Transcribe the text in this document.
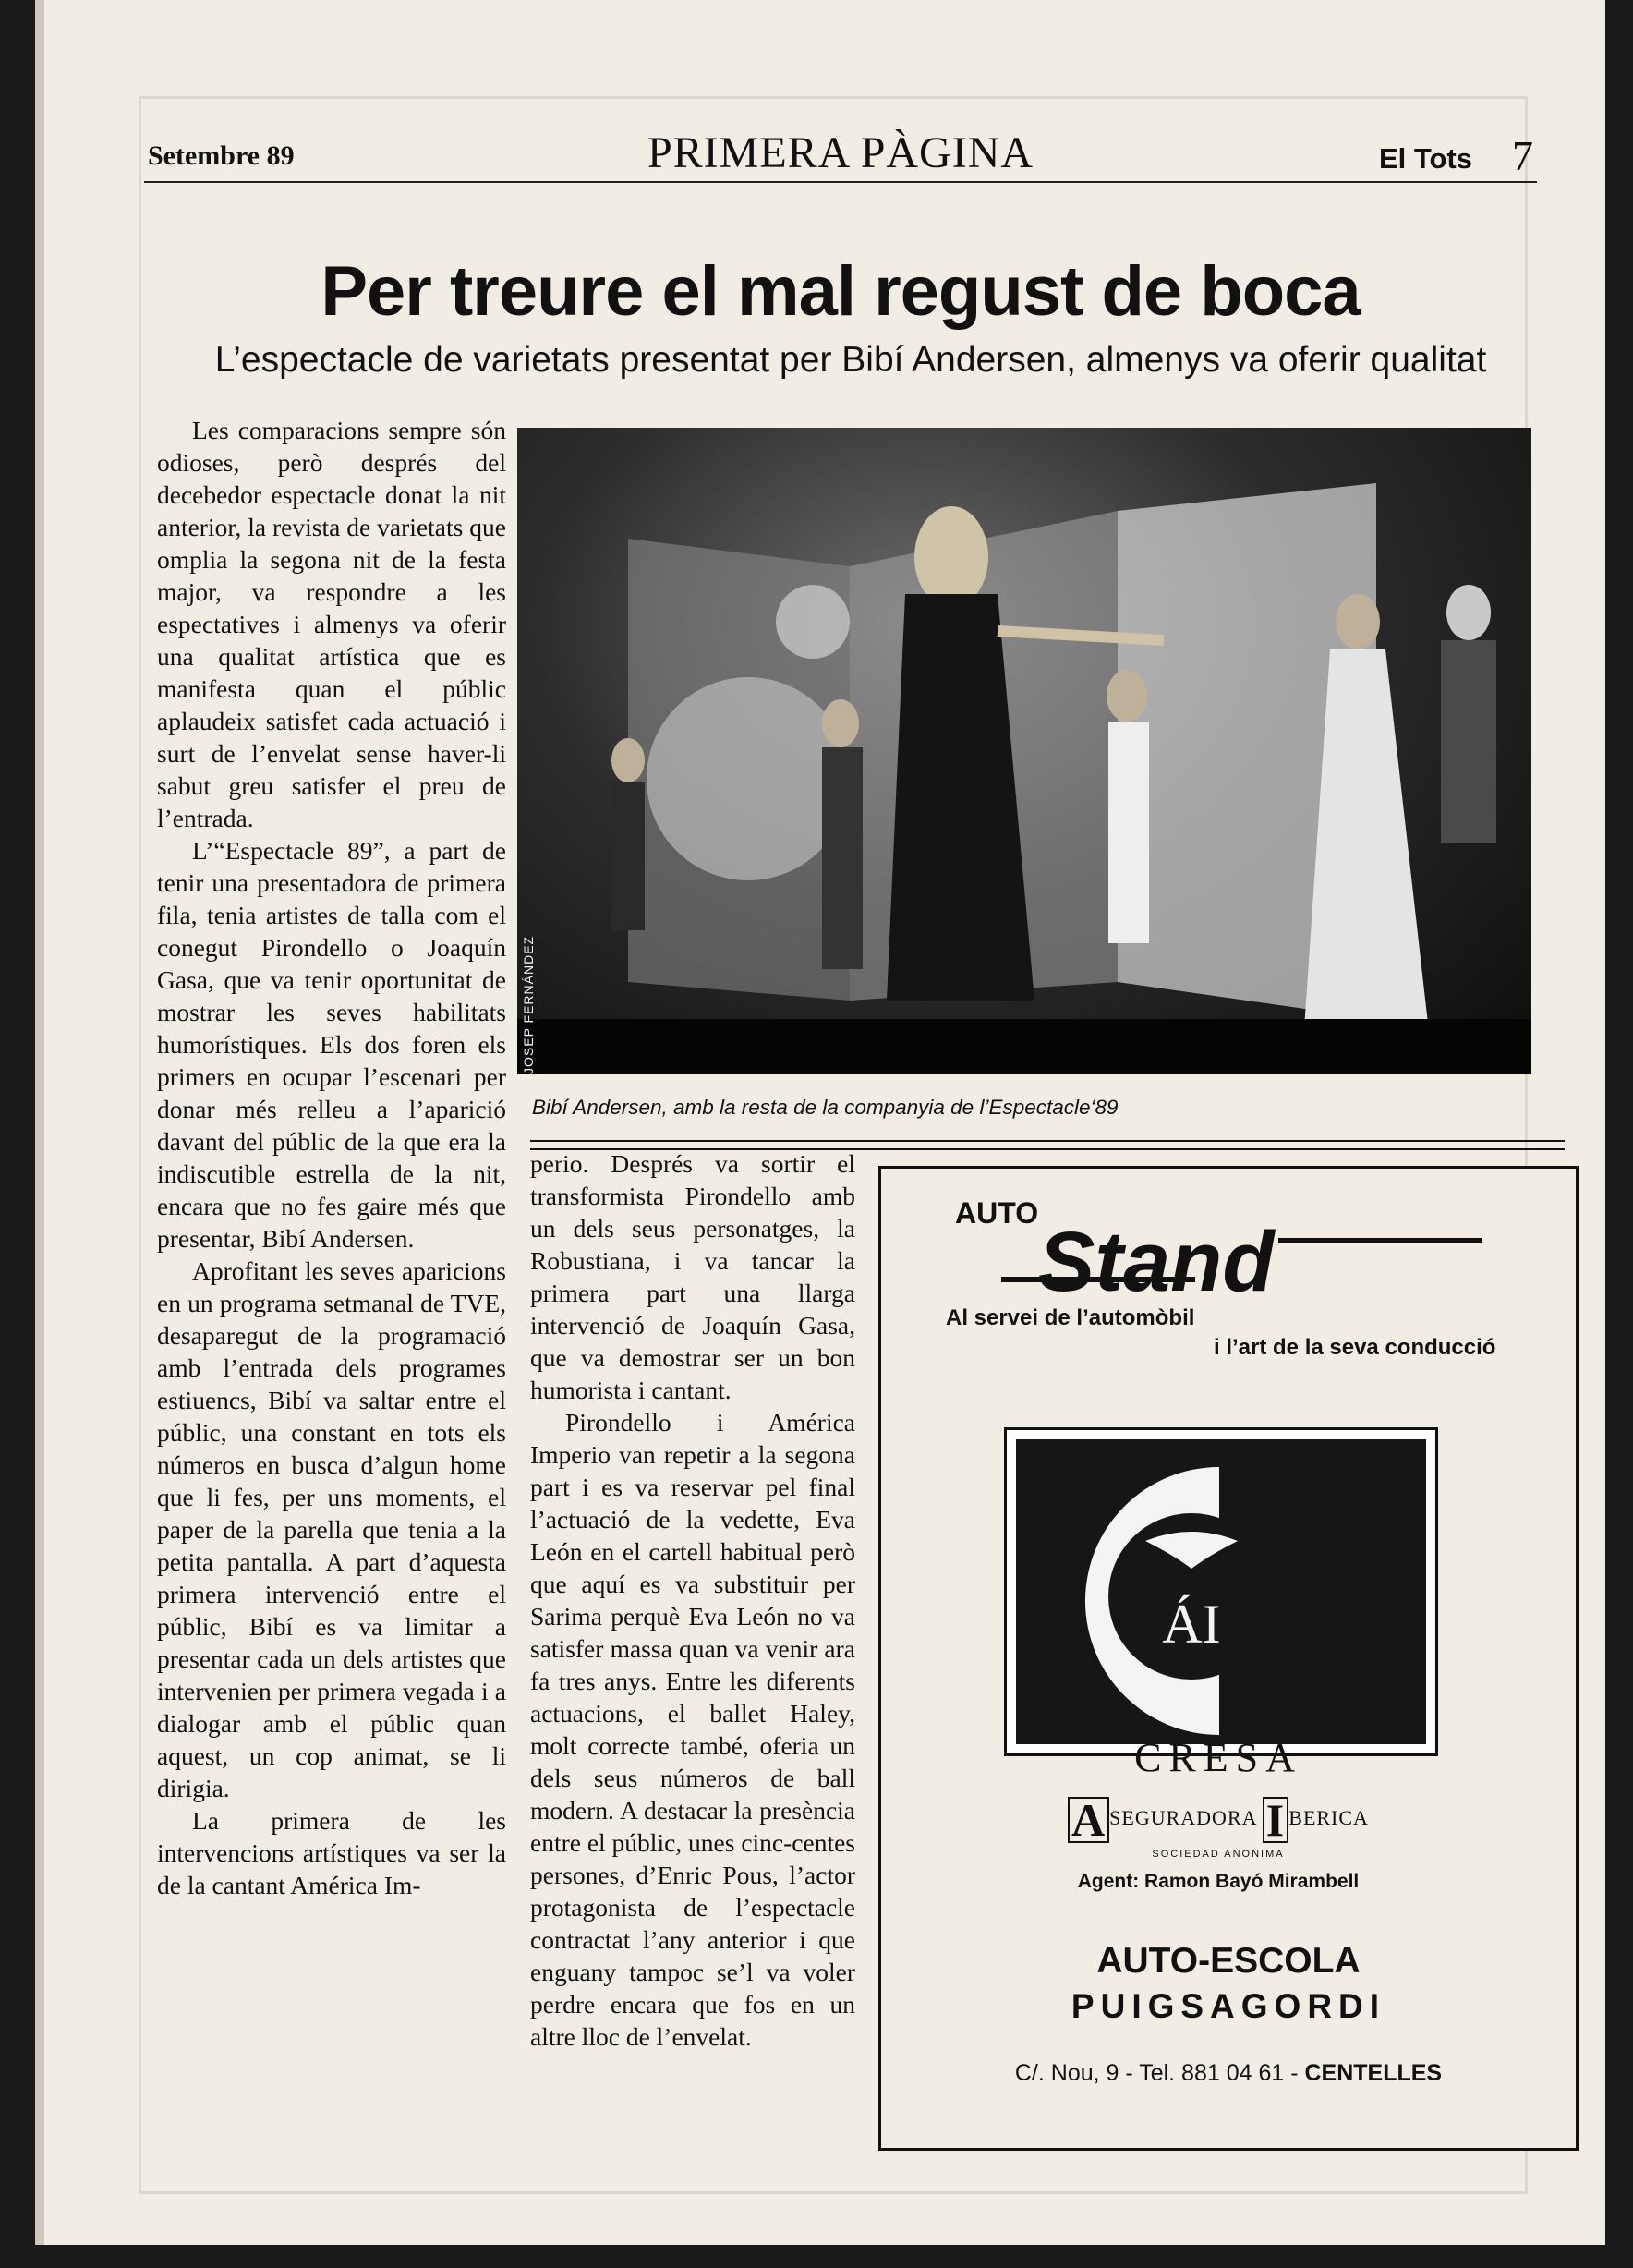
Setembre 89	PRIMERA PÀGINA	El Tots 7
Per treure el mal regust de boca
L’espectacle de varietats presentat per Bibí Andersen, almenys va oferir qualitat

Les comparacions sempre són odioses, però després del decebedor espectacle donat la nit anterior, la revista de varietats que omplia la segona nit de la festa major, va respondre a les espectatives i almenys va oferir una qualitat artística que es manifesta quan el públic aplaudeix satisfet cada actuació i surt de l’envelat sense haver-li sabut greu satisfer el preu de l’entrada.

L’“Espectacle 89”, a part de tenir una presentadora de primera fila, tenia artistes de talla com el conegut Pirondello o Joaquín Gasa, que va tenir oportunitat de mostrar les seves habilitats humorístiques. Els dos foren els primers en ocupar l’escenari per donar més relleu a l’aparició davant del públic de la que era la indiscutible estrella de la nit, encara que no fes gaire més que presentar, Bibí Andersen.

Aprofitant les seves aparicions en un programa setmanal de TVE, desaparegut de la programació amb l’entrada dels programes estiuencs, Bibí va saltar entre el públic, una constant en tots els números en busca d’algun home que li fes, per uns moments, el paper de la parella que tenia a la petita pantalla. A part d’aquesta primera intervenció entre el públic, Bibí es va limitar a presentar cada un dels artistes que intervenien per primera vegada i a dialogar amb el públic quan aquest, un cop animat, se li dirigia.

La primera de les intervencions artístiques va ser la de la cantant América Im-

JOSEP FERNÁNDEZ
Bibí Andersen, amb la resta de la companyia de l’Espectacle‘89

perio. Després va sortir el transformista Pirondello amb un dels seus personatges, la Robustiana, i va tancar la primera part una llarga intervenció de Joaquín Gasa, que va demostrar ser un bon humorista i cantant.

Pirondello i América Imperio van repetir a la segona part i es va reservar pel final l’actuació de la vedette, Eva León en el cartell habitual però que aquí es va substituir per Sarima perquè Eva León no va satisfer massa quan va venir ara fa tres anys. Entre les diferents actuacions, el ballet Haley, molt correcte també, oferia un dels seus números de ball modern. A destacar la presència entre el públic, unes cinc-centes persones, d’Enric Pous, l’actor protagonista de l’espectacle contractat l’any anterior i que enguany tampoc se’l va voler perdre encara que fos en un altre lloc de l’envelat.

AUTO
Stand
Al servei de l’automòbil
i l’art de la seva conducció
ÁI
CRESA
A SEGURADORA I BERICA
SOCIEDAD ANONIMA
Agent: Ramon Bayó Mirambell
AUTO-ESCOLA
PUIGSAGORDI
C/. Nou, 9 - Tel. 881 04 61 - CENTELLES
